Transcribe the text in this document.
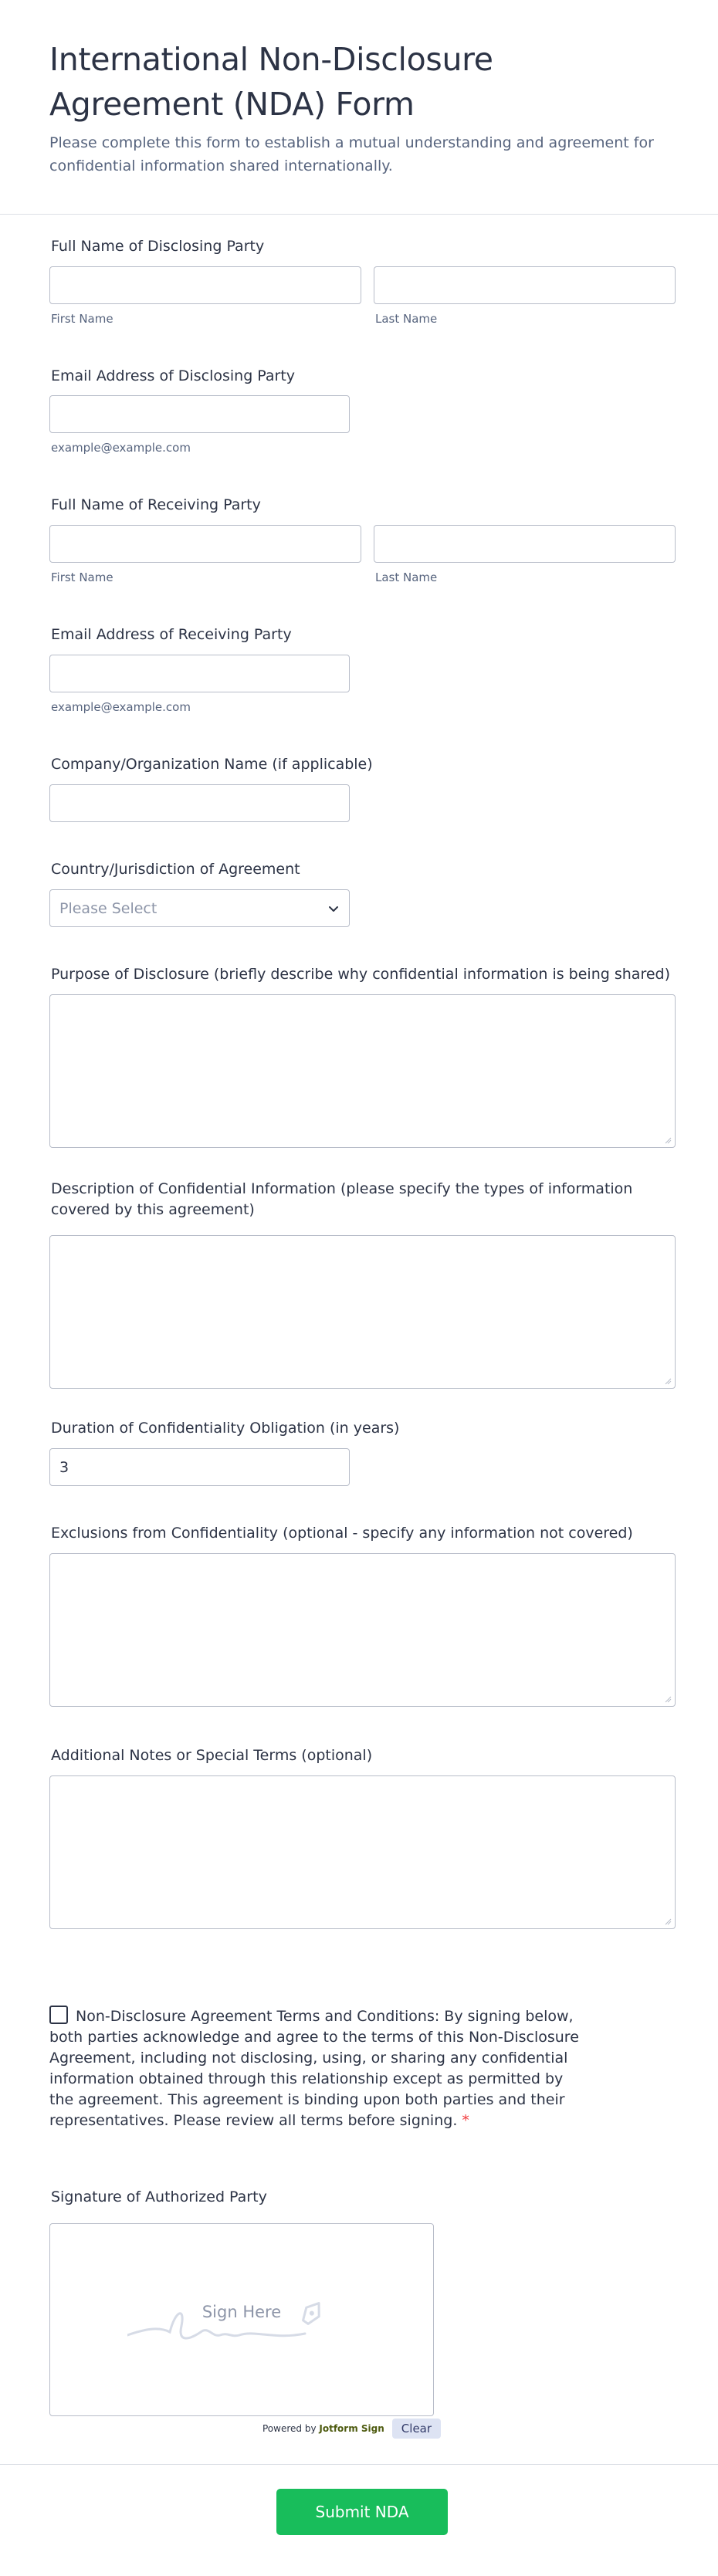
International Non-Disclosure Agreement (NDA) Form

Please complete this form to establish a mutual understanding and agreement for confidential information shared internationally.

Full Name of Disclosing Party
First Name	Last Name
Email Address of Disclosing Party
example@example.com
Full Name of Receiving Party
First Name	Last Name
Email Address of Receiving Party
example@example.com
Company/Organization Name (if applicable)
Country/Jurisdiction of Agreement
Please Select
Purpose of Disclosure (briefly describe why confidential information is being shared)
Description of Confidential Information (please specify the types of information covered by this agreement)
Duration of Confidentiality Obligation (in years)
3
Exclusions from Confidentiality (optional - specify any information not covered)
Additional Notes or Special Terms (optional)
Non-Disclosure Agreement Terms and Conditions: By signing below, both parties acknowledge and agree to the terms of this Non-Disclosure Agreement, including not disclosing, using, or sharing any confidential information obtained through this relationship except as permitted by the agreement. This agreement is binding upon both parties and their representatives. Please review all terms before signing. *
Signature of Authorized Party
Sign Here
Powered by Jotform Sign	Clear
Submit NDA
